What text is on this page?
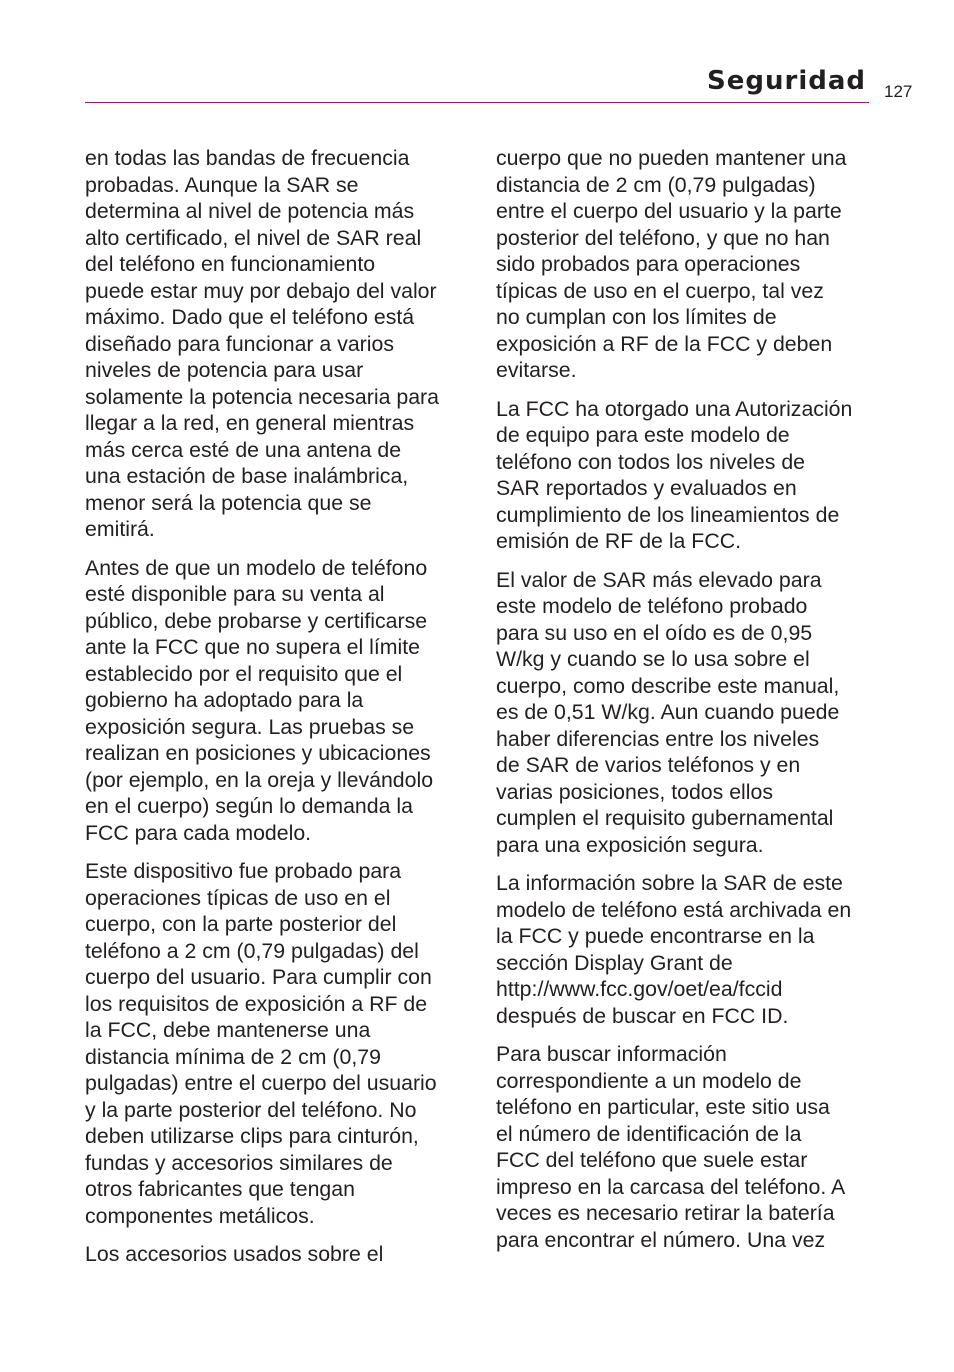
Seguridad 127

en todas las bandas de frecuencia
probadas. Aunque la SAR se
determina al nivel de potencia más
alto certificado, el nivel de SAR real
del teléfono en funcionamiento
puede estar muy por debajo del valor
máximo. Dado que el teléfono está
diseñado para funcionar a varios
niveles de potencia para usar
solamente la potencia necesaria para
llegar a la red, en general mientras
más cerca esté de una antena de
una estación de base inalámbrica,
menor será la potencia que se
emitirá.

Antes de que un modelo de teléfono
esté disponible para su venta al
público, debe probarse y certificarse
ante la FCC que no supera el límite
establecido por el requisito que el
gobierno ha adoptado para la
exposición segura. Las pruebas se
realizan en posiciones y ubicaciones
(por ejemplo, en la oreja y llevándolo
en el cuerpo) según lo demanda la
FCC para cada modelo.

Este dispositivo fue probado para
operaciones típicas de uso en el
cuerpo, con la parte posterior del
teléfono a 2 cm (0,79 pulgadas) del
cuerpo del usuario. Para cumplir con
los requisitos de exposición a RF de
la FCC, debe mantenerse una
distancia mínima de 2 cm (0,79
pulgadas) entre el cuerpo del usuario
y la parte posterior del teléfono. No
deben utilizarse clips para cinturón,
fundas y accesorios similares de
otros fabricantes que tengan
componentes metálicos.

Los accesorios usados sobre el

cuerpo que no pueden mantener una
distancia de 2 cm (0,79 pulgadas)
entre el cuerpo del usuario y la parte
posterior del teléfono, y que no han
sido probados para operaciones
típicas de uso en el cuerpo, tal vez
no cumplan con los límites de
exposición a RF de la FCC y deben
evitarse.

La FCC ha otorgado una Autorización
de equipo para este modelo de
teléfono con todos los niveles de
SAR reportados y evaluados en
cumplimiento de los lineamientos de
emisión de RF de la FCC.

El valor de SAR más elevado para
este modelo de teléfono probado
para su uso en el oído es de 0,95
W/kg y cuando se lo usa sobre el
cuerpo, como describe este manual,
es de 0,51 W/kg. Aun cuando puede
haber diferencias entre los niveles
de SAR de varios teléfonos y en
varias posiciones, todos ellos
cumplen el requisito gubernamental
para una exposición segura.

La información sobre la SAR de este
modelo de teléfono está archivada en
la FCC y puede encontrarse en la
sección Display Grant de
http://www.fcc.gov/oet/ea/fccid
después de buscar en FCC ID.

Para buscar información
correspondiente a un modelo de
teléfono en particular, este sitio usa
el número de identificación de la
FCC del teléfono que suele estar
impreso en la carcasa del teléfono. A
veces es necesario retirar la batería
para encontrar el número. Una vez
